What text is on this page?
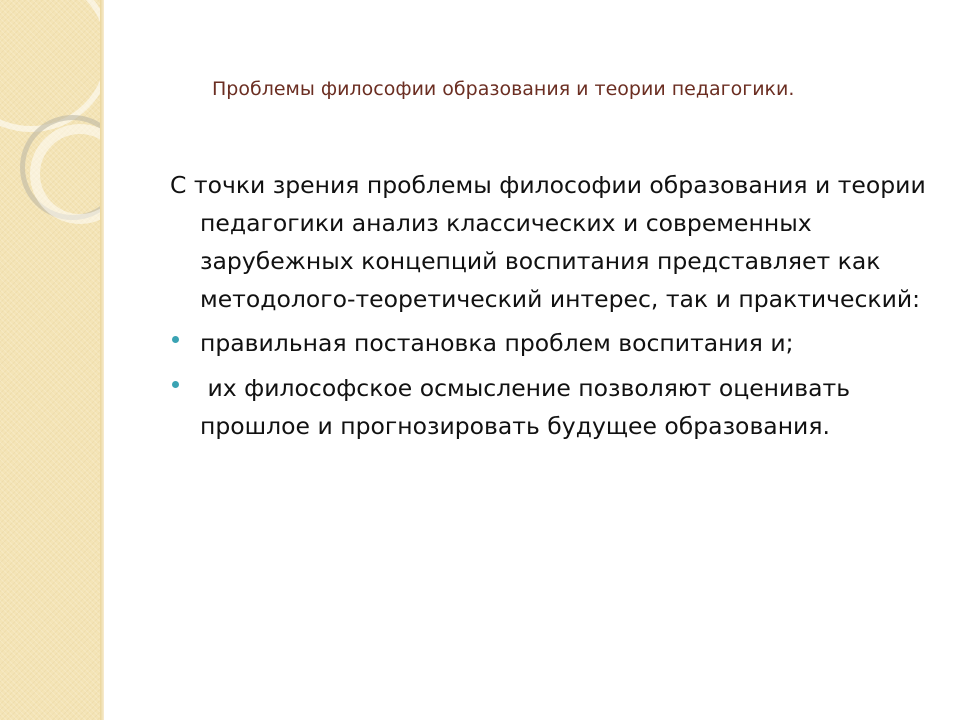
Проблемы философии образования и теории педагогики.

С точки зрения проблемы философии образования и теории педагогики анализ классических и современных зарубежных концепций воспитания представляет как методолого-теоретический интерес, так и практический:

правильная постановка проблем воспитания и;
их философское осмысление позволяют оценивать прошлое и прогнозировать будущее образования.
